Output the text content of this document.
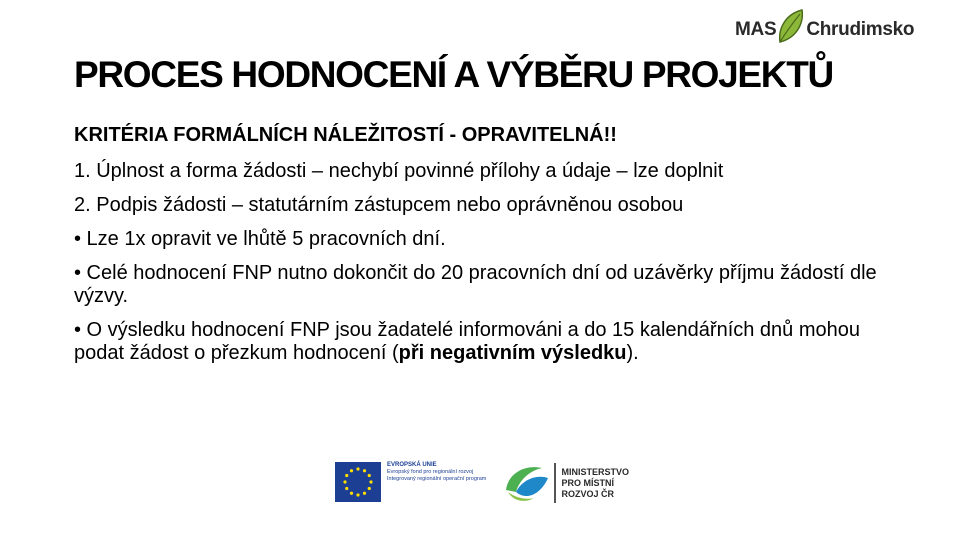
MAS Chrudimsko
PROCES HODNOCENÍ A VÝBĚRU PROJEKTŮ

KRITÉRIA FORMÁLNÍCH NÁLEŽITOSTÍ - OPRAVITELNÁ!!

1. Úplnost a forma žádosti – nechybí povinné přílohy a údaje – lze doplnit

2. Podpis žádosti – statutárním zástupcem nebo oprávněnou osobou

• Lze 1x opravit ve lhůtě 5 pracovních dní.

• Celé hodnocení FNP nutno dokončit do 20 pracovních dní od uzávěrky příjmu žádostí dle výzvy.

• O výsledku hodnocení FNP jsou žadatelé informováni a do 15 kalendářních dnů mohou podat žádost o přezkum hodnocení (při negativním výsledku).

EVROPSKÁ UNIE
Evropský fond pro regionální rozvoj
Integrovaný regionální operační program
MINISTERSTVO
PRO MÍSTNÍ
ROZVOJ ČR
